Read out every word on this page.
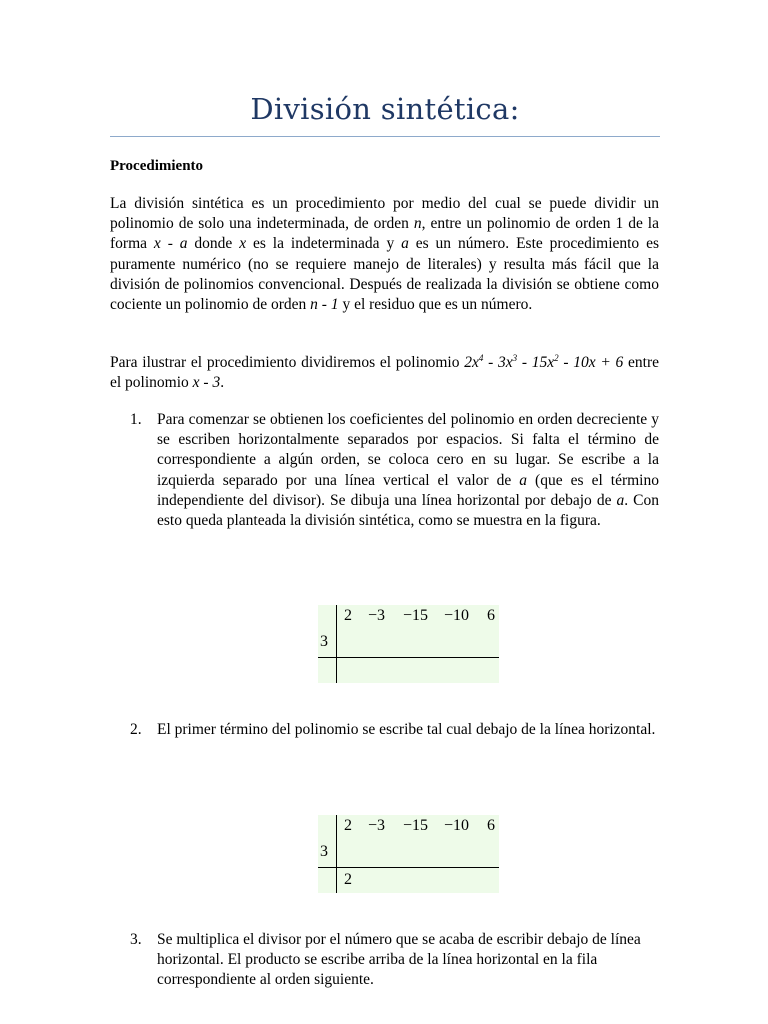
División sintética:
Procedimiento
La división sintética es un procedimiento por medio del cual se puede dividir un polinomio de solo una indeterminada, de orden n, entre un polinomio de orden 1 de la forma x - a donde x es la indeterminada y a es un número. Este procedimiento es puramente numérico (no se requiere manejo de literales) y resulta más fácil que la división de polinomios convencional. Después de realizada la división se obtiene como cociente un polinomio de orden n - 1 y el residuo que es un número.
Para ilustrar el procedimiento dividiremos el polinomio $2x^4 - 3x^3 - 15x^2 - 10x + 6$ entre el polinomio x - 3.
1. Para comenzar se obtienen los coeficientes del polinomio en orden decreciente y se escriben horizontalmente separados por espacios. Si falta el término de correspondiente a algún orden, se coloca cero en su lugar. Se escribe a la izquierda separado por una línea vertical el valor de a (que es el término independiente del divisor). Se dibuja una línea horizontal por debajo de a. Con esto queda planteada la división sintética, como se muestra en la figura.
3
2 −3 −15 −10 6
2. El primer término del polinomio se escribe tal cual debajo de la línea horizontal.
3
2 −3 −15 −10 6
2
3. Se multiplica el divisor por el número que se acaba de escribir debajo de línea horizontal. El producto se escribe arriba de la línea horizontal en la fila correspondiente al orden siguiente.
